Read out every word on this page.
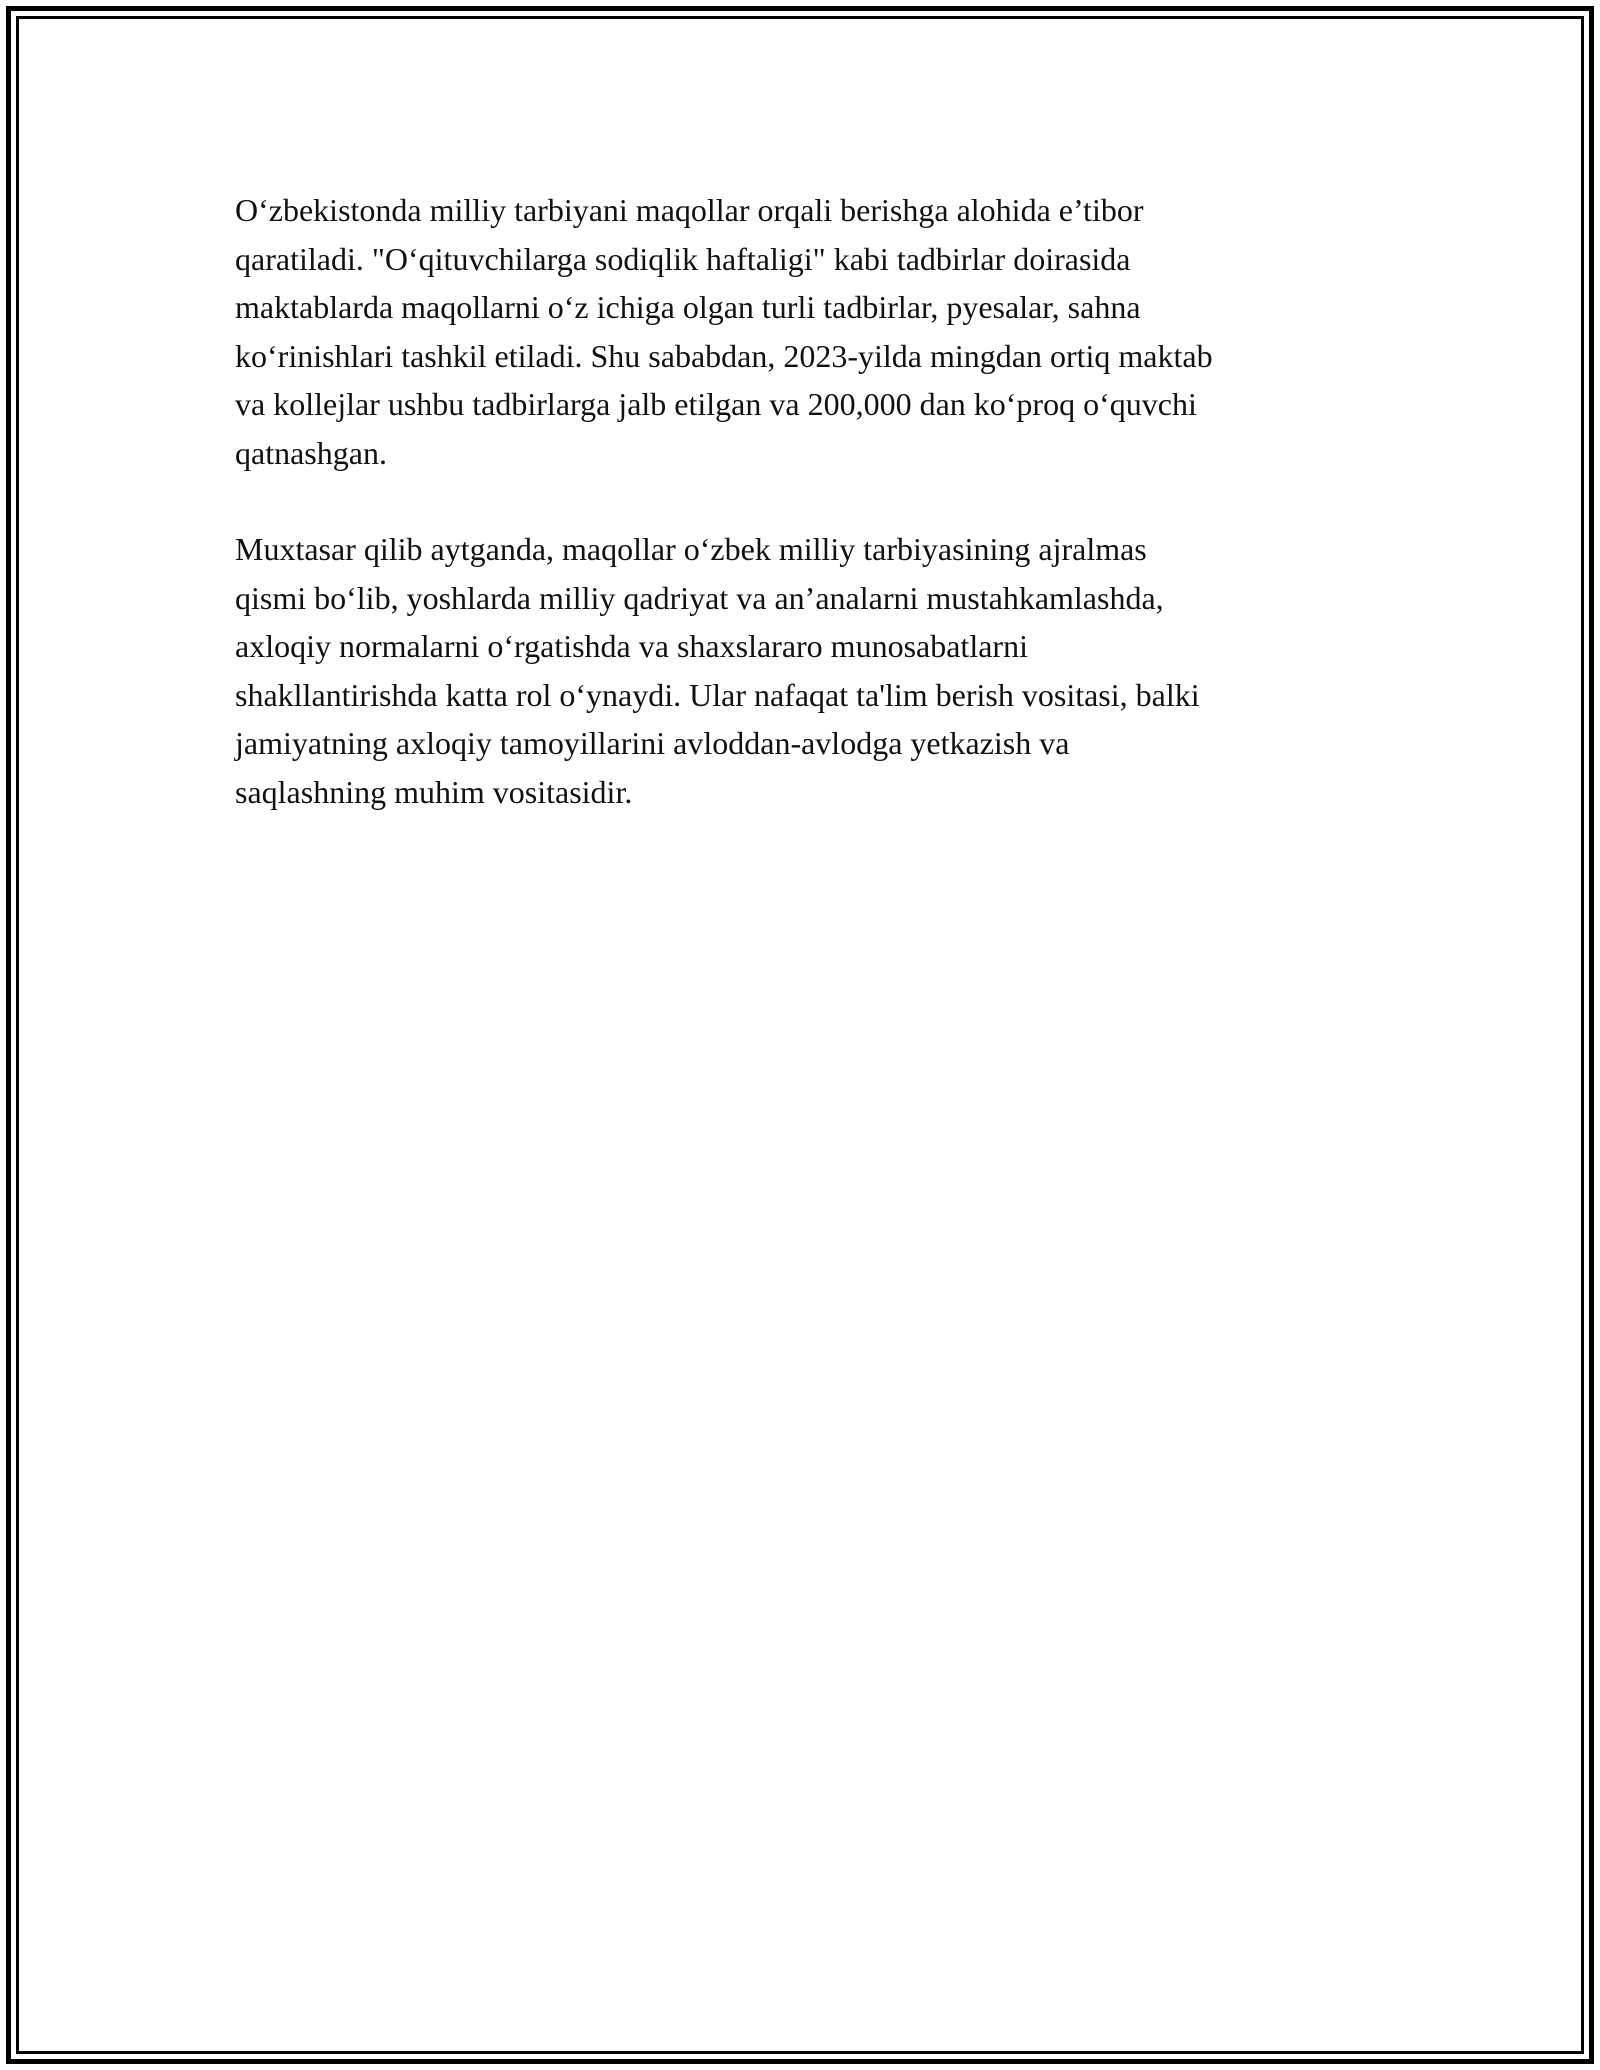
O‘zbekistonda milliy tarbiyani maqollar orqali berishga alohida e’tibor
qaratiladi. "O‘qituvchilarga sodiqlik haftaligi" kabi tadbirlar doirasida
maktablarda maqollarni o‘z ichiga olgan turli tadbirlar, pyesalar, sahna
ko‘rinishlari tashkil etiladi. Shu sababdan, 2023-yilda mingdan ortiq maktab
va kollejlar ushbu tadbirlarga jalb etilgan va 200,000 dan ko‘proq o‘quvchi
qatnashgan.

Muxtasar qilib aytganda, maqollar o‘zbek milliy tarbiyasining ajralmas
qismi bo‘lib, yoshlarda milliy qadriyat va an’analarni mustahkamlashda,
axloqiy normalarni o‘rgatishda va shaxslararo munosabatlarni
shakllantirishda katta rol o‘ynaydi. Ular nafaqat ta'lim berish vositasi, balki
jamiyatning axloqiy tamoyillarini avloddan-avlodga yetkazish va
saqlashning muhim vositasidir.
